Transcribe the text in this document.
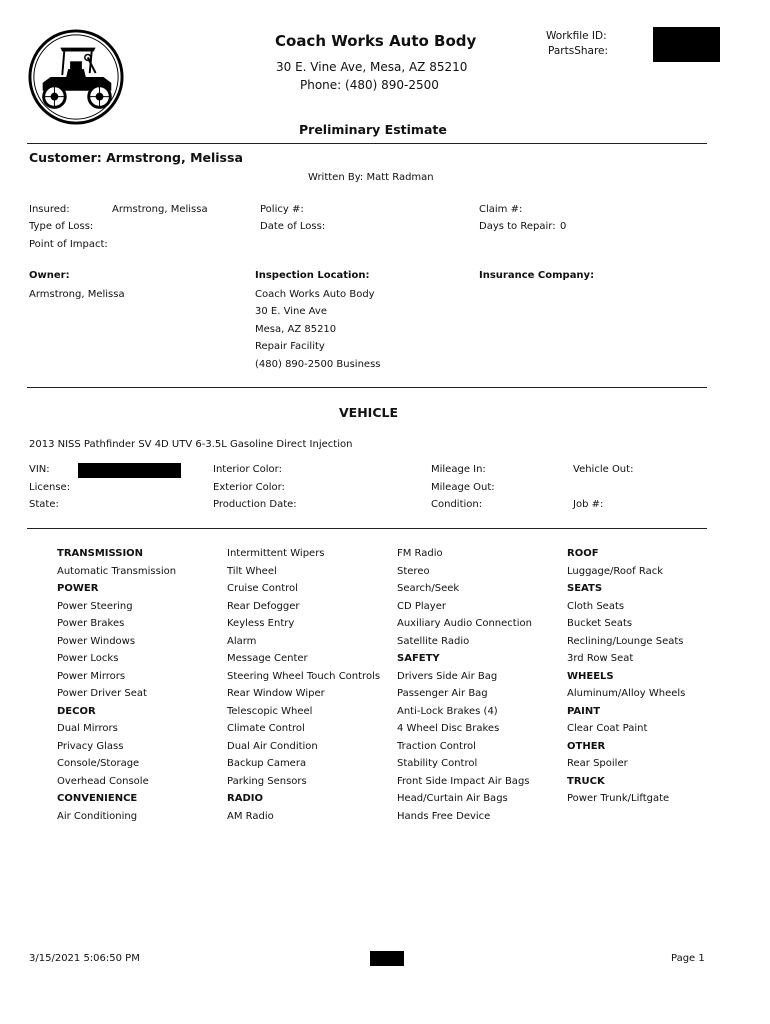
Coach Works Auto Body
30 E. Vine Ave, Mesa, AZ 85210
Phone: (480) 890-2500
Workfile ID:
PartsShare:
Preliminary Estimate
Customer: Armstrong, Melissa
Written By: Matt Radman
Insured:	Armstrong, Melissa	Policy #:	Claim #:
Type of Loss:	Date of Loss:	Days to Repair: 0
Point of Impact:
Owner:	Inspection Location:	Insurance Company:
Armstrong, Melissa	Coach Works Auto Body
30 E. Vine Ave
Mesa, AZ 85210
Repair Facility
(480) 890-2500 Business
VEHICLE
2013 NISS Pathfinder SV 4D UTV 6-3.5L Gasoline Direct Injection
VIN:	Interior Color:	Mileage In:	Vehicle Out:
License:	Exterior Color:	Mileage Out:
State:	Production Date:	Condition:	Job #:
TRANSMISSION
Automatic Transmission
POWER
Power Steering
Power Brakes
Power Windows
Power Locks
Power Mirrors
Power Driver Seat
DECOR
Dual Mirrors
Privacy Glass
Console/Storage
Overhead Console
CONVENIENCE
Air Conditioning
Intermittent Wipers
Tilt Wheel
Cruise Control
Rear Defogger
Keyless Entry
Alarm
Message Center
Steering Wheel Touch Controls
Rear Window Wiper
Telescopic Wheel
Climate Control
Dual Air Condition
Backup Camera
Parking Sensors
RADIO
AM Radio
FM Radio
Stereo
Search/Seek
CD Player
Auxiliary Audio Connection
Satellite Radio
SAFETY
Drivers Side Air Bag
Passenger Air Bag
Anti-Lock Brakes (4)
4 Wheel Disc Brakes
Traction Control
Stability Control
Front Side Impact Air Bags
Head/Curtain Air Bags
Hands Free Device
ROOF
Luggage/Roof Rack
SEATS
Cloth Seats
Bucket Seats
Reclining/Lounge Seats
3rd Row Seat
WHEELS
Aluminum/Alloy Wheels
PAINT
Clear Coat Paint
OTHER
Rear Spoiler
TRUCK
Power Trunk/Liftgate
3/15/2021 5:06:50 PM	Page 1
